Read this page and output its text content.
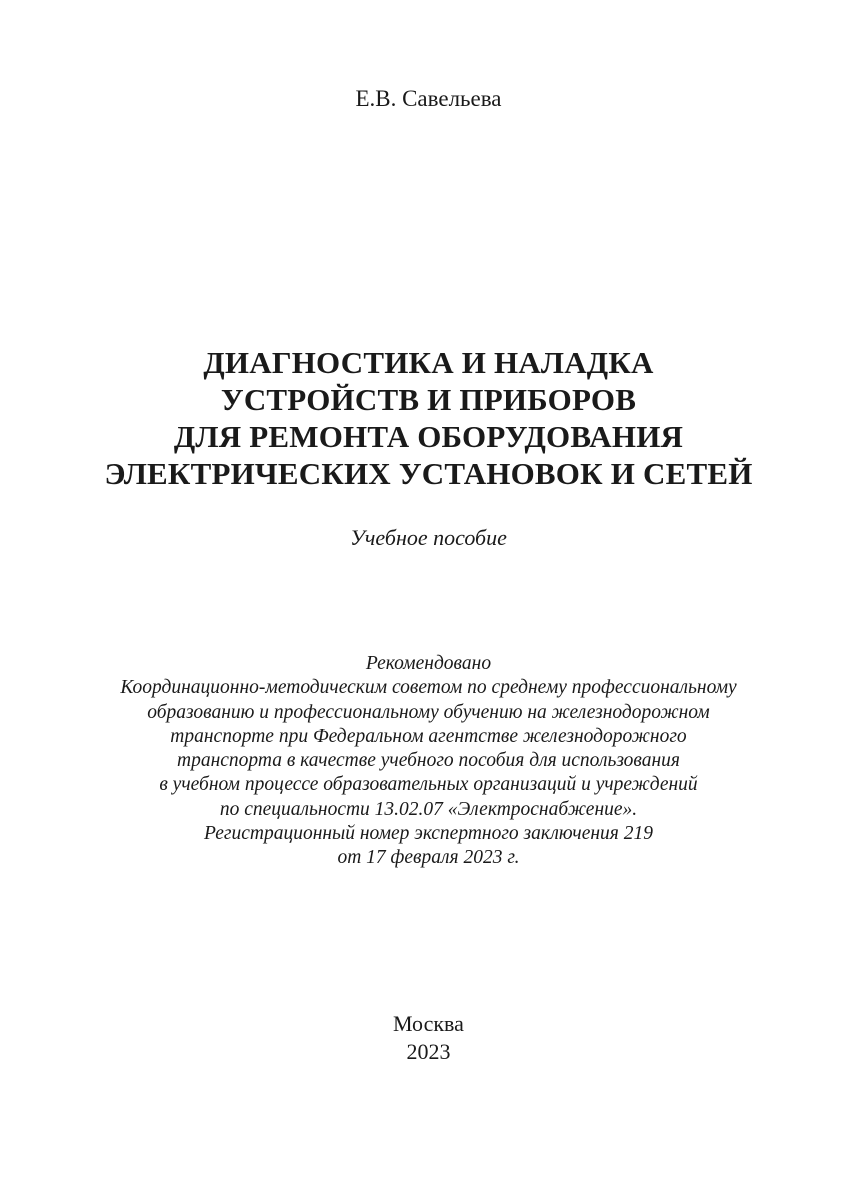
Е.В. Савельева
ДИАГНОСТИКА И НАЛАДКА
УСТРОЙСТВ И ПРИБОРОВ
ДЛЯ РЕМОНТА ОБОРУДОВАНИЯ
ЭЛЕКТРИЧЕСКИХ УСТАНОВОК И СЕТЕЙ
Учебное пособие
Рекомендовано
Координационно-методическим советом по среднему профессиональному
образованию и профессиональному обучению на железнодорожном
транспорте при Федеральном агентстве железнодорожного
транспорта в качестве учебного пособия для использования
в учебном процессе образовательных организаций и учреждений
по специальности 13.02.07 «Электроснабжение».
Регистрационный номер экспертного заключения 219
от 17 февраля 2023 г.
Москва
2023
